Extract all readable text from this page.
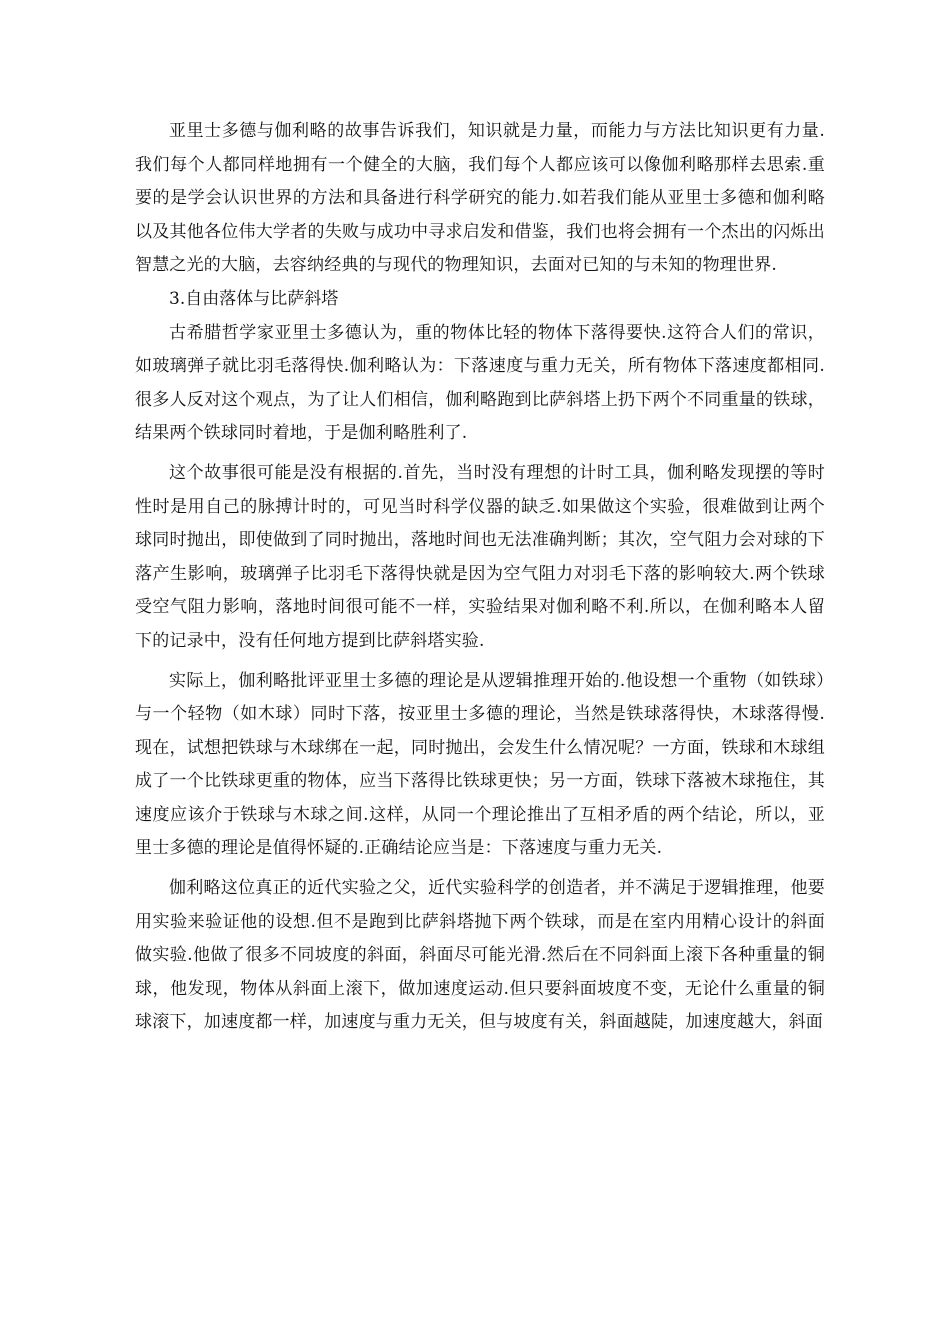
亚里士多德与伽利略的故事告诉我们，知识就是力量，而能力与方法比知识更有力量.我们每个人都同样地拥有一个健全的大脑，我们每个人都应该可以像伽利略那样去思索.重要的是学会认识世界的方法和具备进行科学研究的能力.如若我们能从亚里士多德和伽利略以及其他各位伟大学者的失败与成功中寻求启发和借鉴，我们也将会拥有一个杰出的闪烁出智慧之光的大脑，去容纳经典的与现代的物理知识，去面对已知的与未知的物理世界.

3.自由落体与比萨斜塔

古希腊哲学家亚里士多德认为，重的物体比轻的物体下落得要快.这符合人们的常识，如玻璃弹子就比羽毛落得快.伽利略认为：下落速度与重力无关，所有物体下落速度都相同.很多人反对这个观点，为了让人们相信，伽利略跑到比萨斜塔上扔下两个不同重量的铁球，结果两个铁球同时着地，于是伽利略胜利了.

这个故事很可能是没有根据的.首先，当时没有理想的计时工具，伽利略发现摆的等时性时是用自己的脉搏计时的，可见当时科学仪器的缺乏.如果做这个实验，很难做到让两个球同时抛出，即使做到了同时抛出，落地时间也无法准确判断；其次，空气阻力会对球的下落产生影响，玻璃弹子比羽毛下落得快就是因为空气阻力对羽毛下落的影响较大.两个铁球受空气阻力影响，落地时间很可能不一样，实验结果对伽利略不利.所以，在伽利略本人留下的记录中，没有任何地方提到比萨斜塔实验.

实际上，伽利略批评亚里士多德的理论是从逻辑推理开始的.他设想一个重物（如铁球）与一个轻物（如木球）同时下落，按亚里士多德的理论，当然是铁球落得快，木球落得慢.现在，试想把铁球与木球绑在一起，同时抛出，会发生什么情况呢？一方面，铁球和木球组成了一个比铁球更重的物体，应当下落得比铁球更快；另一方面，铁球下落被木球拖住，其速度应该介于铁球与木球之间.这样，从同一个理论推出了互相矛盾的两个结论，所以，亚里士多德的理论是值得怀疑的.正确结论应当是：下落速度与重力无关.

伽利略这位真正的近代实验之父，近代实验科学的创造者，并不满足于逻辑推理，他要用实验来验证他的设想.但不是跑到比萨斜塔抛下两个铁球，而是在室内用精心设计的斜面做实验.他做了很多不同坡度的斜面，斜面尽可能光滑.然后在不同斜面上滚下各种重量的铜球，他发现，物体从斜面上滚下，做加速度运动.但只要斜面坡度不变，无论什么重量的铜球滚下，加速度都一样，加速度与重力无关，但与坡度有关，斜面越陡，加速度越大，斜面
